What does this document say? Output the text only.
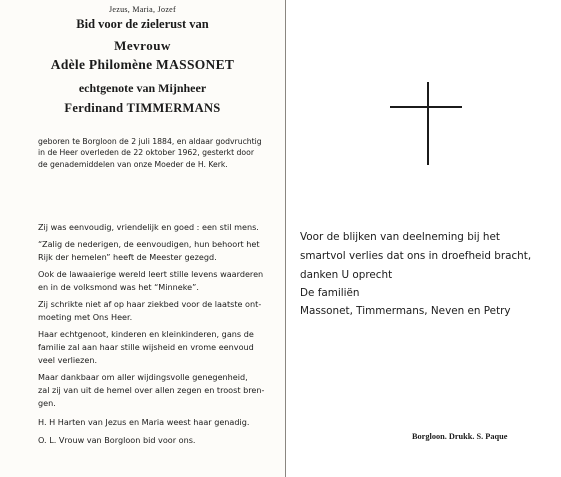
Jezus, Maria, Jozef
Bid voor de zielerust van
Mevrouw
Adèle Philomène MASSONET
echtgenote van Mijnheer
Ferdinand TIMMERMANS
geboren te Borgloon de 2 juli 1884, en aldaar godvruchtig
in de Heer overleden de 22 oktober 1962, gesterkt door
de genademiddelen van onze Moeder de H. Kerk.
Zij was eenvoudig, vriendelijk en goed : een stil mens.
“Zalig de nederigen, de eenvoudigen, hun behoort het
Rijk der hemelen” heeft de Meester gezegd.
Ook de lawaaierige wereld leert stille levens waarderen
en in de volksmond was het “Minneke”.
Zij schrikte niet af op haar ziekbed voor de laatste ont-
moeting met Ons Heer.
Haar echtgenoot, kinderen en kleinkinderen, gans de
familie zal aan haar stille wijsheid en vrome eenvoud
veel verliezen.
Maar dankbaar om aller wijdingsvolle genegenheid,
zal zij van uit de hemel over allen zegen en troost bren-
gen.
H. H Harten van Jezus en Maria weest haar genadig.
O. L. Vrouw van Borgloon bid voor ons.
Voor de blijken van deelneming bij het
smartvol verlies dat ons in droefheid bracht,
danken U oprecht
De familiën
Massonet, Timmermans, Neven en Petry
Borgloon. Drukk. S. Paque
